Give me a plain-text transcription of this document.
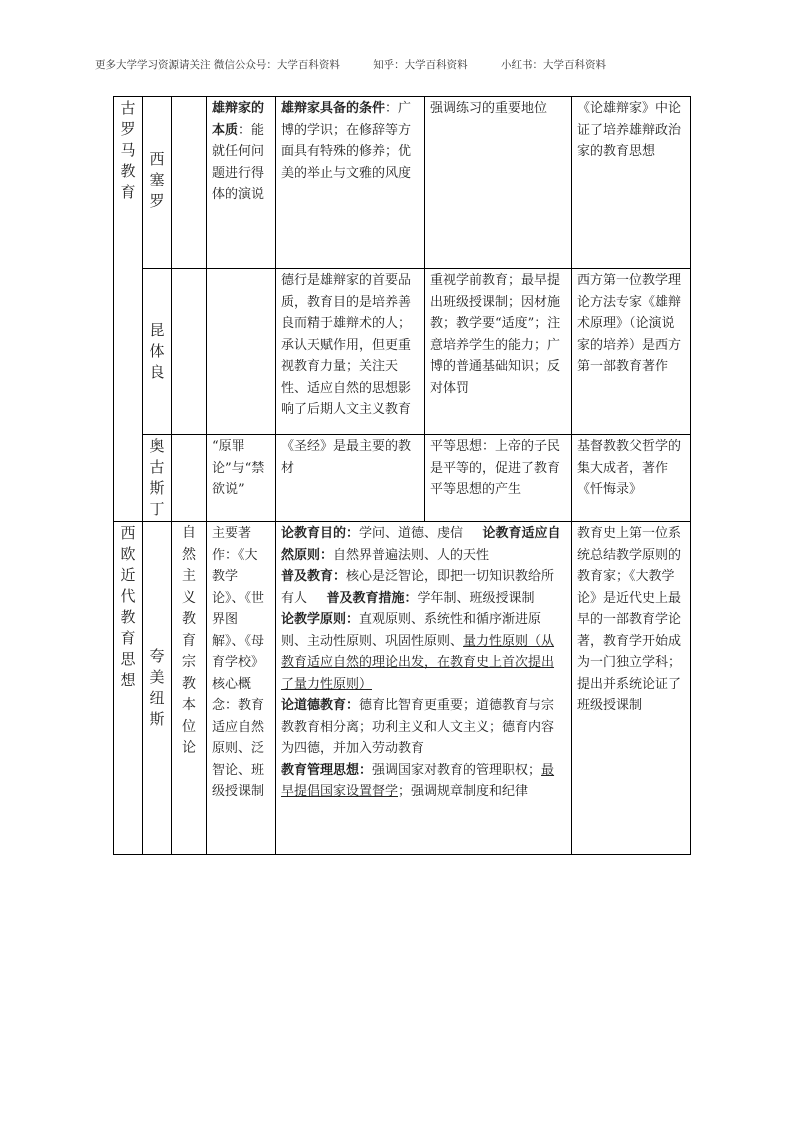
更多大学学习资源请关注 微信公众号：大学百科资料	知乎：大学百科资料	小红书：大学百科资料
古罗马教育	西塞罗		雄辩家的本质：能就任何问题进行得体的演说	雄辩家具备的条件：广博的学识；在修辞等方面具有特殊的修养；优美的举止与文雅的风度	强调练习的重要地位	《论雄辩家》中论证了培养雄辩政治家的教育思想
	昆体良			德行是雄辩家的首要品质，教育目的是培养善良而精于雄辩术的人；承认天赋作用，但更重视教育力量；关注天性、适应自然的思想影响了后期人文主义教育	重视学前教育；最早提出班级授课制；因材施教；教学要“适度”；注意培养学生的能力；广博的普通基础知识；反对体罚	西方第一位教学理论方法专家《雄辩术原理》（论演说家的培养）是西方第一部教育著作
	奥古斯丁		“原罪论”与“禁欲说”	《圣经》是最主要的教材	平等思想：上帝的子民是平等的，促进了教育平等思想的产生	基督教教父哲学的集大成者，著作《忏悔录》
西欧近代教育思想	夸美纽斯	自然主义教育宗教本位论	主要著作：《大教学论》、《世界图解》、《母育学校》核心概念：教育适应自然原则、泛智论、班级授课制	论教育目的：学问、道德、虔信　  论教育适应自然原则：自然界普遍法则、人的天性
普及教育：核心是泛智论，即把一切知识教给所有人　  普及教育措施：学年制、班级授课制　　　　　　　论教学原则：直观原则、系统性和循序渐进原则、主动性原则、巩固性原则、量力性原则（从教育适应自然的理论出发，在教育史上首次提出了量力性原则）
论道德教育：德育比智育更重要；道德教育与宗教教育相分离；功利主义和人文主义；德育内容为四德，并加入劳动教育
教育管理思想：强调国家对教育的管理职权；最早提倡国家设置督学；强调规章制度和纪律		教育史上第一位系统总结教学原则的教育家；《大教学论》是近代史上最早的一部教育学论著，教育学开始成为一门独立学科；提出并系统论证了班级授课制
